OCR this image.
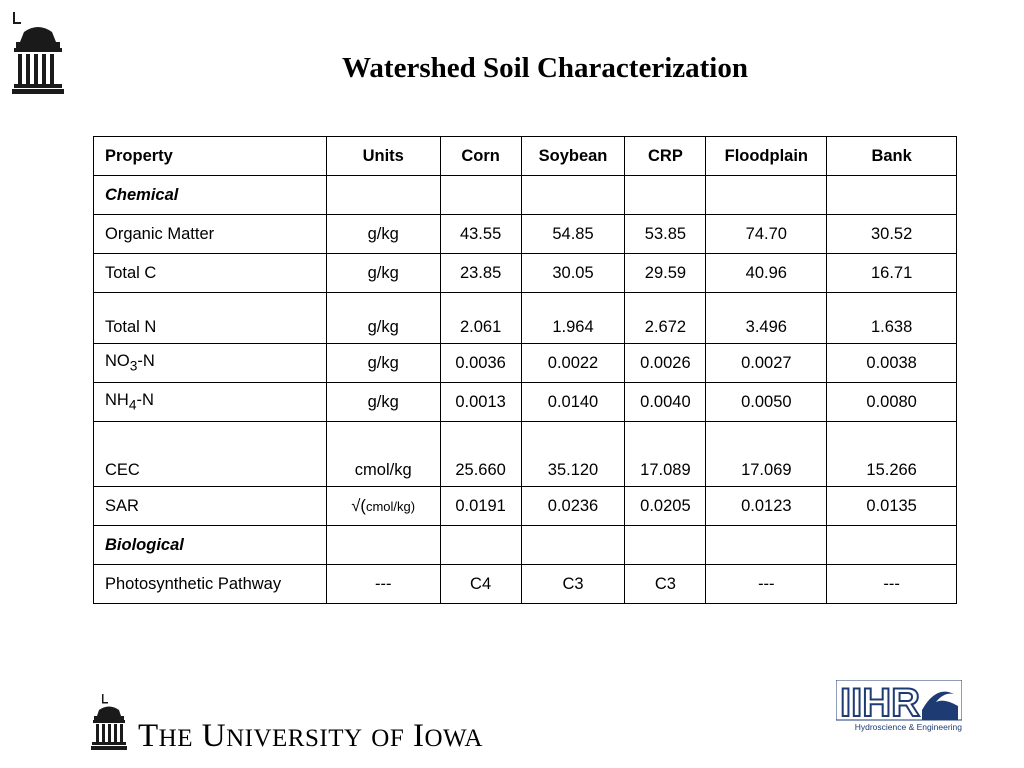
Watershed Soil Characterization
Property	Units	Corn	Soybean	CRP	Floodplain	Bank
Chemical						
Organic Matter	g/kg	43.55	54.85	53.85	74.70	30.52
Total C	g/kg	23.85	30.05	29.59	40.96	16.71
Total N	g/kg	2.061	1.964	2.672	3.496	1.638
$NO_3-N$	g/kg	0.0036	0.0022	0.0026	0.0027	0.0038
$NH_4-N$	g/kg	0.0013	0.0140	0.0040	0.0050	0.0080
CEC	cmol/kg	25.660	35.120	17.089	17.069	15.266
SAR	√(cmol/kg)	0.0191	0.0236	0.0205	0.0123	0.0135
Biological						
Photosynthetic Pathway	---	C4	C3	C3	---	---
THE UNIVERSITY OF IOWA
IIHR
Hydroscience & Engineering
